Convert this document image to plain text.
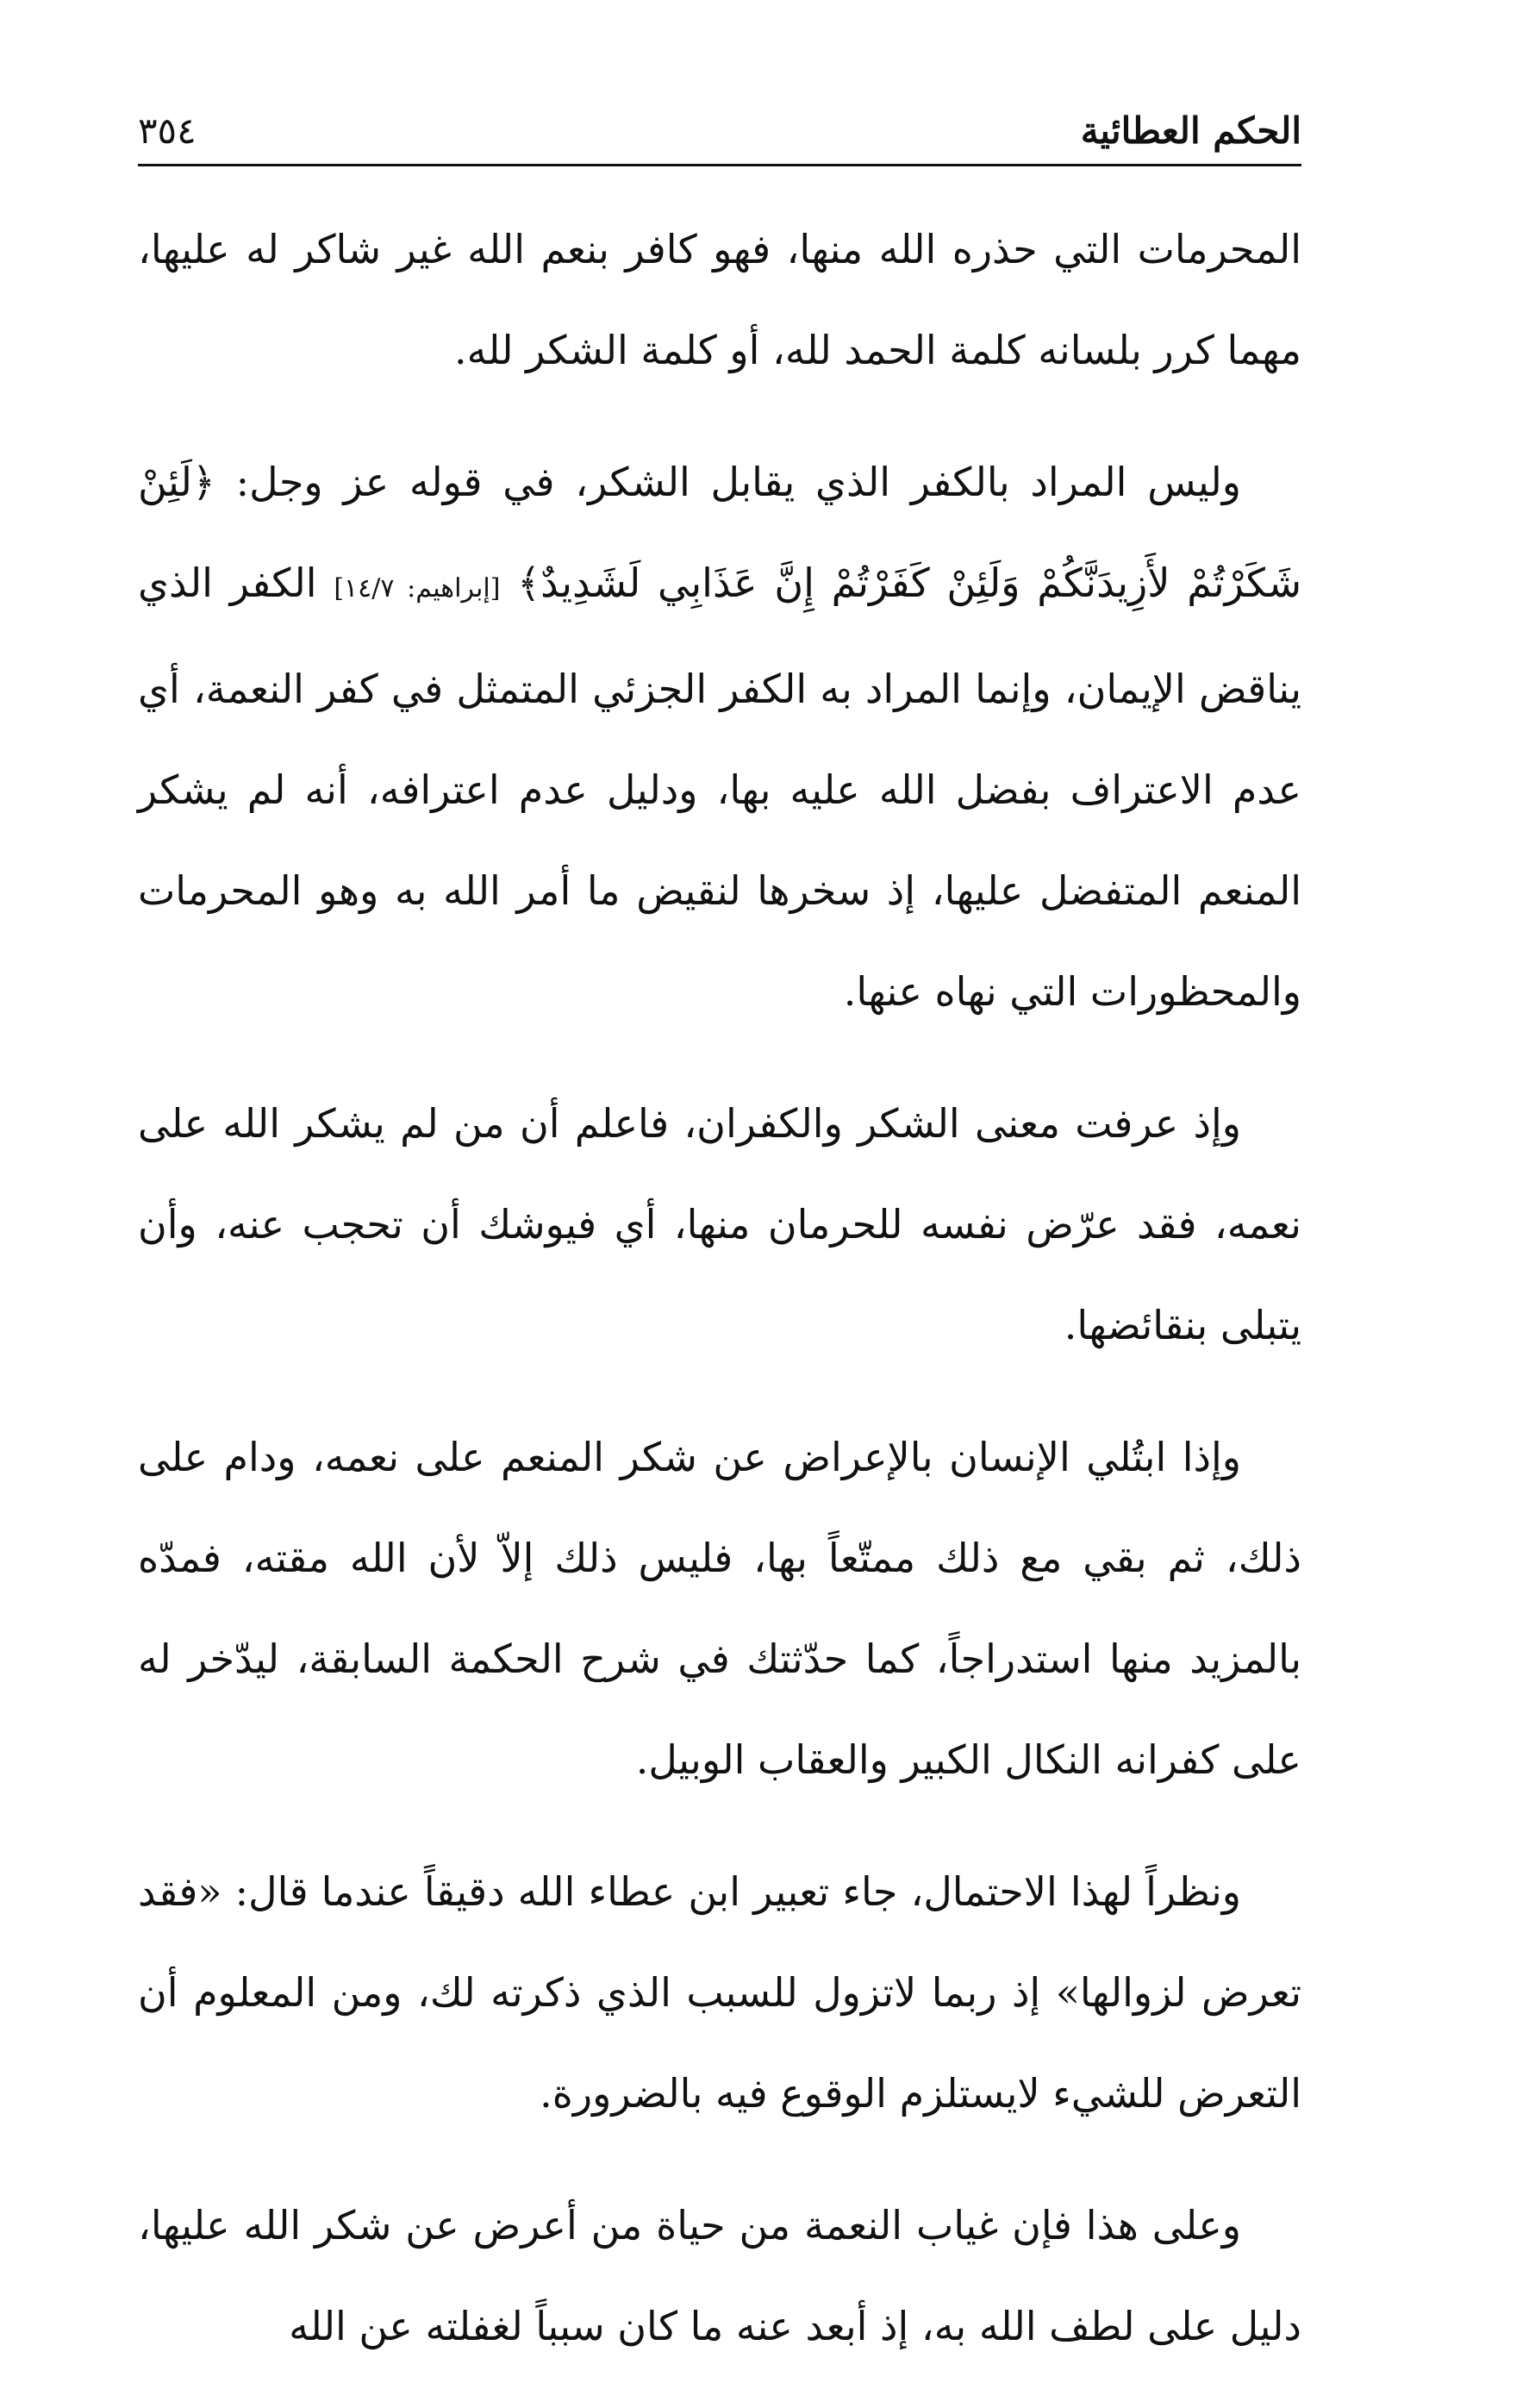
الحكم العطائية
٣٥٤

المحرمات التي حذره الله منها، فهو كافر بنعم الله غير شاكر له عليها، مهما كرر بلسانه كلمة الحمد لله، أو كلمة الشكر لله.

وليس المراد بالكفر الذي يقابل الشكر، في قوله عز وجل: ﴿لَئِنْ شَكَرْتُمْ لأَزِيدَنَّكُمْ وَلَئِنْ كَفَرْتُمْ إِنَّ عَذَابِي لَشَدِيدٌ﴾ [إبراهيم: ١٤/٧] الكفر الذي يناقض الإيمان، وإنما المراد به الكفر الجزئي المتمثل في كفر النعمة، أي عدم الاعتراف بفضل الله عليه بها، ودليل عدم اعترافه، أنه لم يشكر المنعم المتفضل عليها، إذ سخرها لنقيض ما أمر الله به وهو المحرمات والمحظورات التي نهاه عنها.

وإذ عرفت معنى الشكر والكفران، فاعلم أن من لم يشكر الله على نعمه، فقد عرّض نفسه للحرمان منها، أي فيوشك أن تحجب عنه، وأن يتبلى بنقائضها.

وإذا ابتُلي الإنسان بالإعراض عن شكر المنعم على نعمه، ودام على ذلك، ثم بقي مع ذلك ممتّعاً بها، فليس ذلك إلاّ لأن الله مقته، فمدّه بالمزيد منها استدراجاً، كما حدّثتك في شرح الحكمة السابقة، ليدّخر له على كفرانه النكال الكبير والعقاب الوبيل.

ونظراً لهذا الاحتمال، جاء تعبير ابن عطاء الله دقيقاً عندما قال: «فقد تعرض لزوالها» إذ ربما لاتزول للسبب الذي ذكرته لك، ومن المعلوم أن التعرض للشيء لايستلزم الوقوع فيه بالضرورة.

وعلى هذا فإن غياب النعمة من حياة من أعرض عن شكر الله عليها، دليل على لطف الله به، إذ أبعد عنه ما كان سبباً لغفلته عن الله
